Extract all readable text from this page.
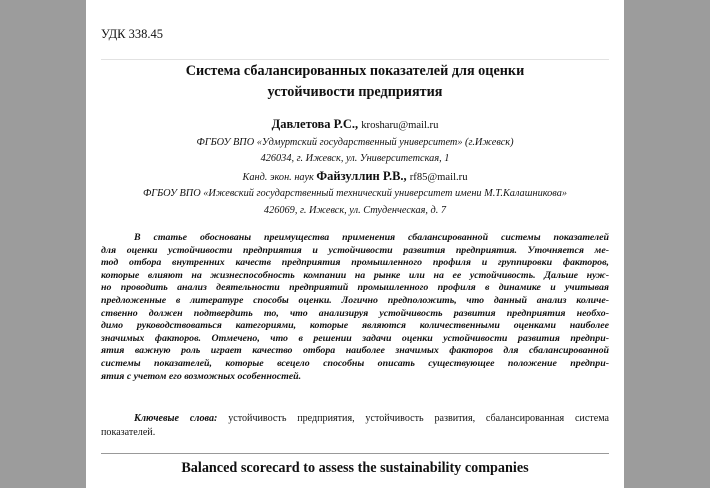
УДК 338.45
Система сбалансированных показателей для оценки
устойчивости предприятия
Давлетова Р.С., krosharu@mail.ru
ФГБОУ ВПО «Удмуртский государственный университет» (г.Ижевск)
426034, г. Ижевск, ул. Университетская, 1
Канд. экон. наук Файзуллин Р.В., rf85@mail.ru
ФГБОУ ВПО «Ижевский государственный технический университет имени М.Т.Калашникова»
426069, г. Ижевск, ул. Студенческая, д. 7
В статье обоснованы преимущества применения сбалансированной системы показателей
для оценки устойчивости предприятия и устойчивости развития предприятия. Уточняется ме-
тод отбора внутренних качеств предприятия промышленного профиля и группировки факторов,
которые влияют на жизнеспособность компании на рынке или на ее устойчивость. Дальше нуж-
но проводить анализ деятельности предприятий промышленного профиля в динамике и учитывая
предложенные в литературе способы оценки. Логично предположить, что данный анализ количе-
ственно должен подтвердить то, что анализируя устойчивость развития предприятия необхо-
димо руководствоваться категориями, которые являются количественными оценками наиболее
значимых факторов. Отмечено, что в решении задачи оценки устойчивости развития предпри-
ятия важную роль играет качество отбора наиболее значимых факторов для сбалансированной
системы показателей, которые всецело способны описать существующее положение предпри-
ятия с учетом его возможных особенностей.
Ключевые слова: устойчивость предприятия, устойчивость развития, сбалансированная система
показателей.
Balanced scorecard to assess the sustainability companies
